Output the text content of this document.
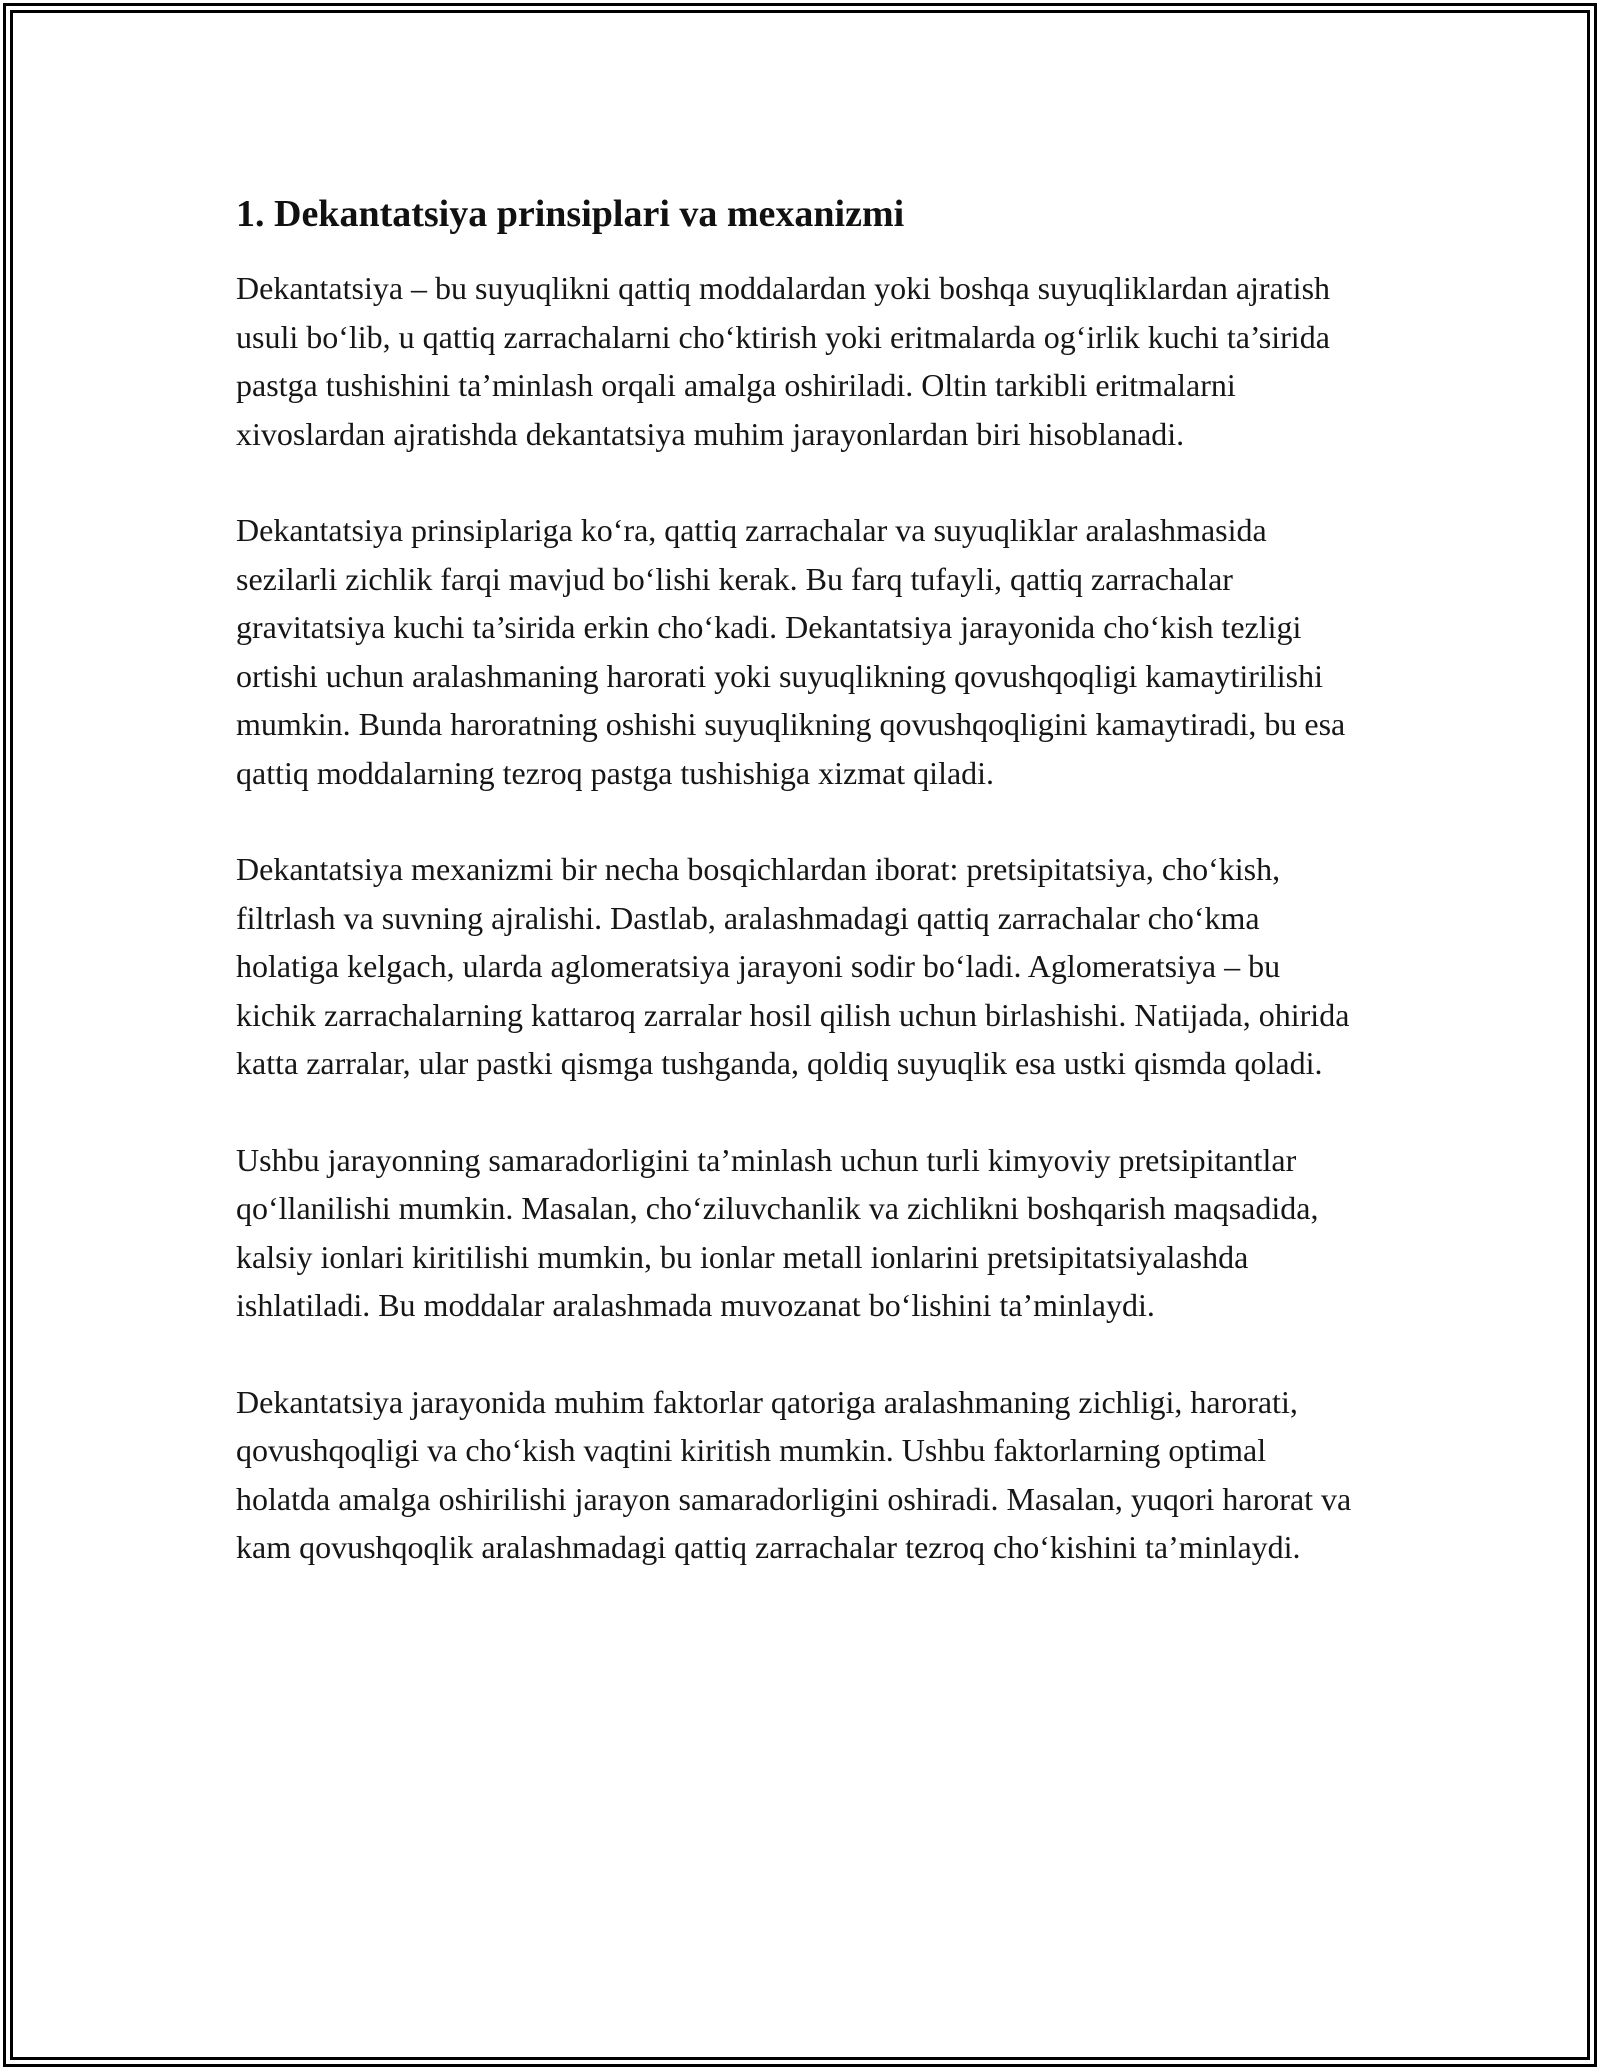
1. Dekantatsiya prinsiplari va mexanizmi

Dekantatsiya – bu suyuqlikni qattiq moddalardan yoki boshqa suyuqliklardan ajratish usuli bo‘lib, u qattiq zarrachalarni cho‘ktirish yoki eritmalarda og‘irlik kuchi ta’sirida pastga tushishini ta’minlash orqali amalga oshiriladi. Oltin tarkibli eritmalarni xivoslardan ajratishda dekantatsiya muhim jarayonlardan biri hisoblanadi.

Dekantatsiya prinsiplariga ko‘ra, qattiq zarrachalar va suyuqliklar aralashmasida sezilarli zichlik farqi mavjud bo‘lishi kerak. Bu farq tufayli, qattiq zarrachalar gravitatsiya kuchi ta’sirida erkin cho‘kadi. Dekantatsiya jarayonida cho‘kish tezligi ortishi uchun aralashmaning harorati yoki suyuqlikning qovushqoqligi kamaytirilishi mumkin. Bunda haroratning oshishi suyuqlikning qovushqoqligini kamaytiradi, bu esa qattiq moddalarning tezroq pastga tushishiga xizmat qiladi.

Dekantatsiya mexanizmi bir necha bosqichlardan iborat: pretsipitatsiya, cho‘kish, filtrlash va suvning ajralishi. Dastlab, aralashmadagi qattiq zarrachalar cho‘kma holatiga kelgach, ularda aglomeratsiya jarayoni sodir bo‘ladi. Aglomeratsiya – bu kichik zarrachalarning kattaroq zarralar hosil qilish uchun birlashishi. Natijada, ohirida katta zarralar, ular pastki qismga tushganda, qoldiq suyuqlik esa ustki qismda qoladi.

Ushbu jarayonning samaradorligini ta’minlash uchun turli kimyoviy pretsipitantlar qo‘llanilishi mumkin. Masalan, cho‘ziluvchanlik va zichlikni boshqarish maqsadida, kalsiy ionlari kiritilishi mumkin, bu ionlar metall ionlarini pretsipitatsiyalashda ishlatiladi. Bu moddalar aralashmada muvozanat bo‘lishini ta’minlaydi.

Dekantatsiya jarayonida muhim faktorlar qatoriga aralashmaning zichligi, harorati, qovushqoqligi va cho‘kish vaqtini kiritish mumkin. Ushbu faktorlarning optimal holatda amalga oshirilishi jarayon samaradorligini oshiradi. Masalan, yuqori harorat va kam qovushqoqlik aralashmadagi qattiq zarrachalar tezroq cho‘kishini ta’minlaydi.
